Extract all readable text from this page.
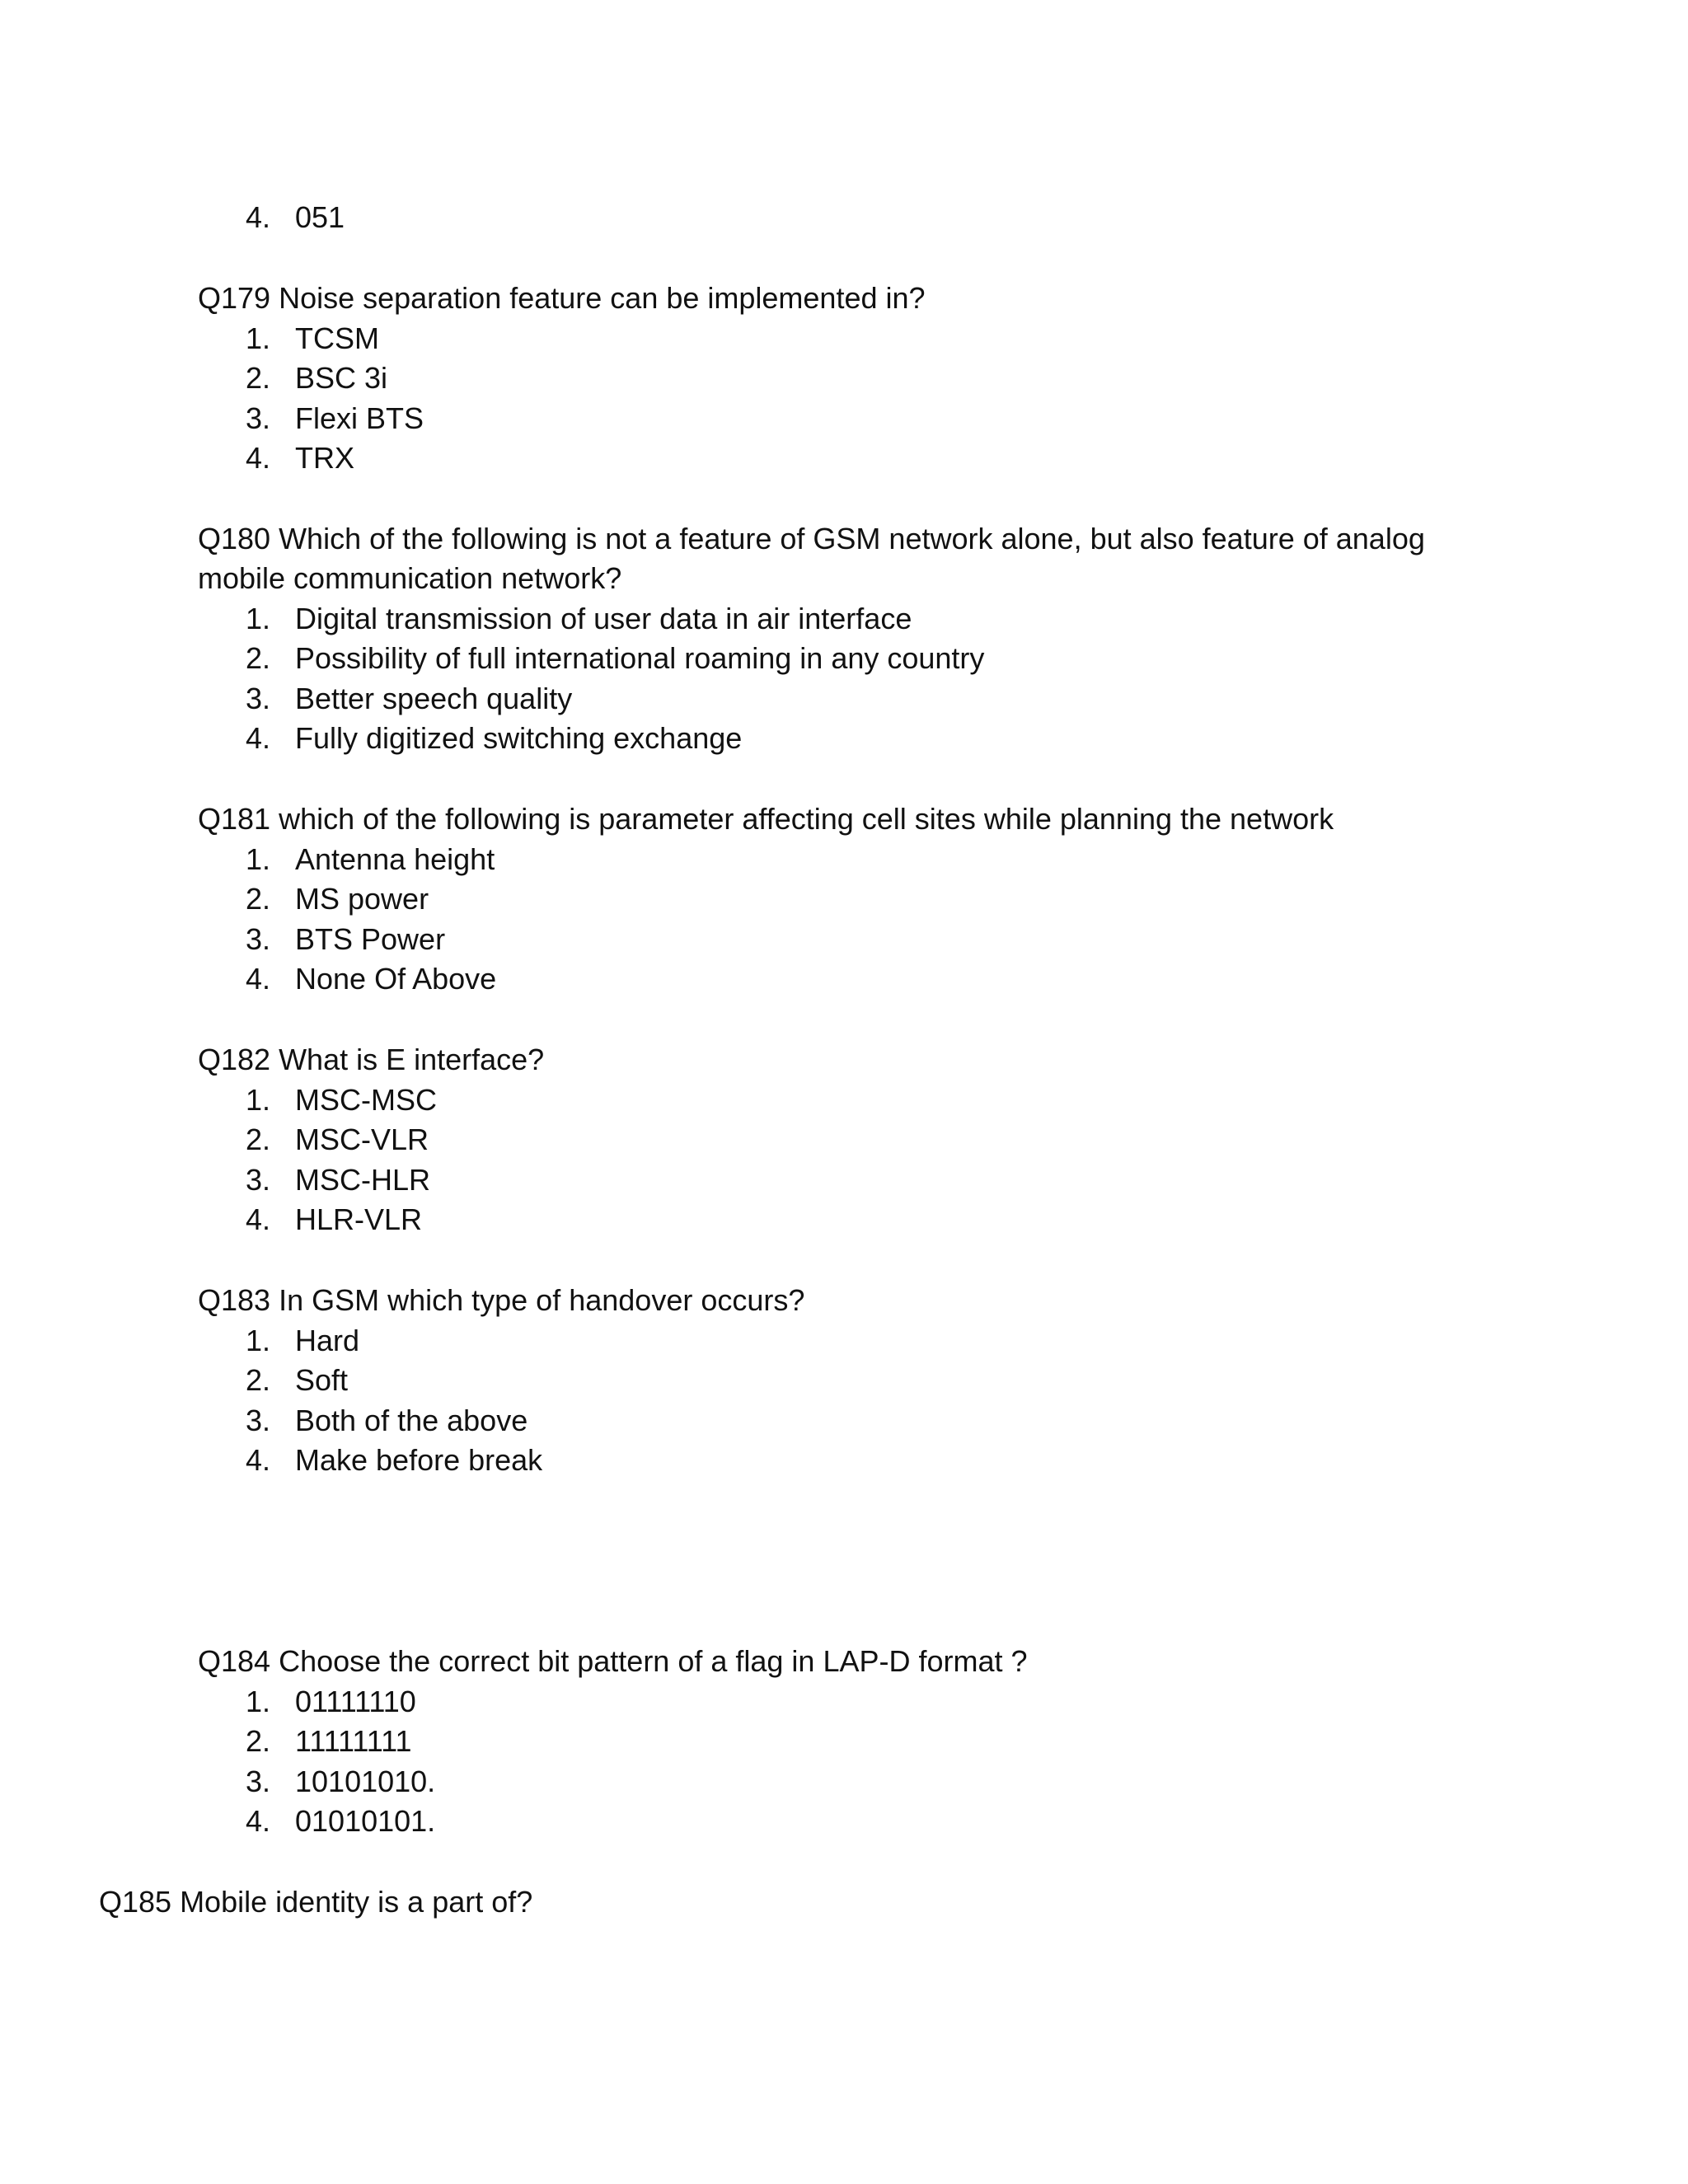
4. 051
Q179 Noise separation feature can be implemented in?
1. TCSM
2. BSC 3i
3. Flexi BTS
4. TRX
Q180 Which of the following is not a feature of GSM network alone, but also feature of analog
mobile communication network?
1. Digital transmission of user data in air interface
2. Possibility of full international roaming in any country
3. Better speech quality
4. Fully digitized switching exchange
Q181 which of the following is parameter affecting cell sites while planning the network
1. Antenna height
2. MS power
3. BTS Power
4. None Of Above
Q182 What is E interface?
1. MSC-MSC
2. MSC-VLR
3. MSC-HLR
4. HLR-VLR
Q183 In GSM which type of handover occurs?
1. Hard
2. Soft
3. Both of the above
4. Make before break
Q184 Choose the correct bit pattern of a flag in LAP-D format ?
1. 01111110
2. 11111111
3. 10101010.
4. 01010101.
Q185 Mobile identity is a part of?
